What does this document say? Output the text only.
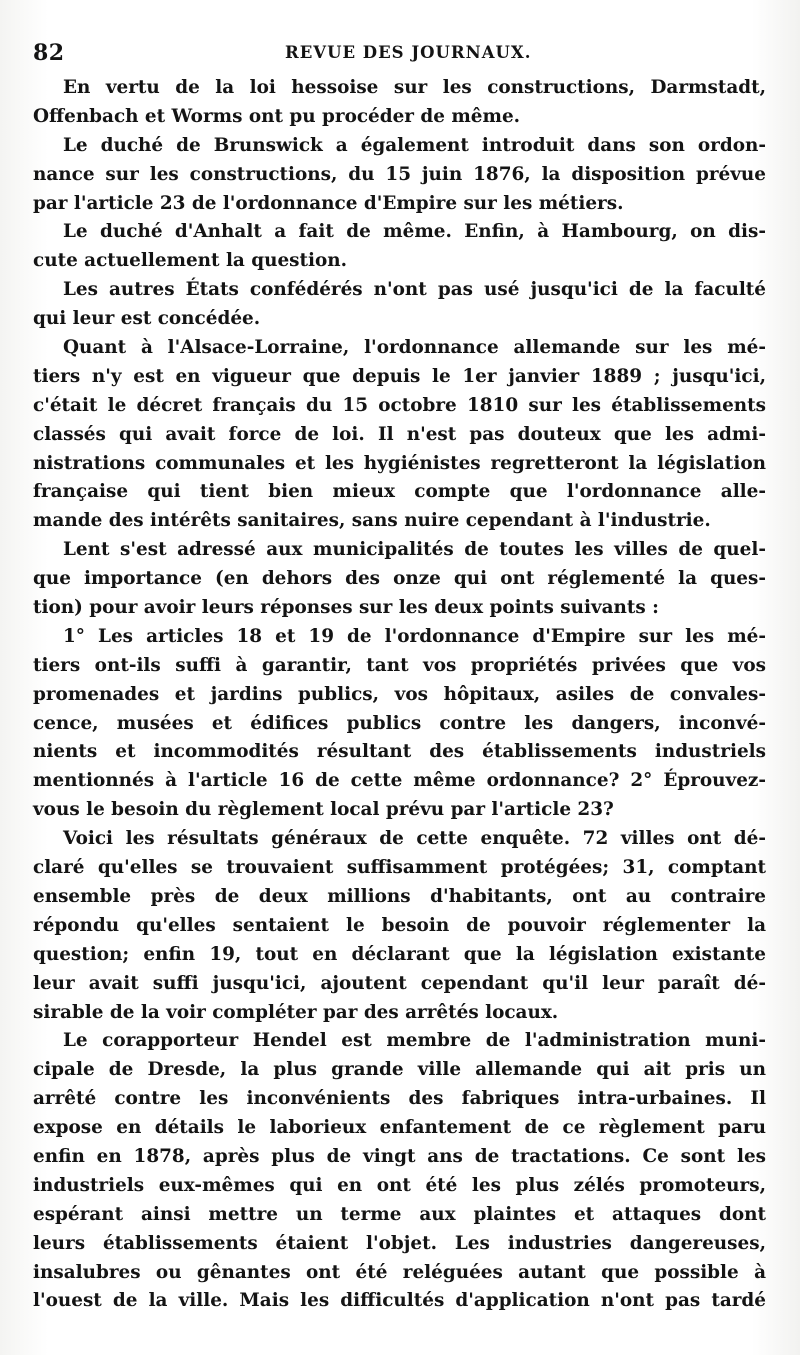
82	REVUE DES JOURNAUX.
En vertu de la loi hessoise sur les constructions, Darmstadt,
Offenbach et Worms ont pu procéder de même.
Le duché de Brunswick a également introduit dans son ordon-
nance sur les constructions, du 15 juin 1876, la disposition prévue
par l'article 23 de l'ordonnance d'Empire sur les métiers.
Le duché d'Anhalt a fait de même. Enfin, à Hambourg, on dis-
cute actuellement la question.
Les autres États confédérés n'ont pas usé jusqu'ici de la faculté
qui leur est concédée.
Quant à l'Alsace-Lorraine, l'ordonnance allemande sur les mé-
tiers n'y est en vigueur que depuis le 1er janvier 1889 ; jusqu'ici,
c'était le décret français du 15 octobre 1810 sur les établissements
classés qui avait force de loi. Il n'est pas douteux que les admi-
nistrations communales et les hygiénistes regretteront la législation
française qui tient bien mieux compte que l'ordonnance alle-
mande des intérêts sanitaires, sans nuire cependant à l'industrie.
Lent s'est adressé aux municipalités de toutes les villes de quel-
que importance (en dehors des onze qui ont réglementé la ques-
tion) pour avoir leurs réponses sur les deux points suivants :
1° Les articles 18 et 19 de l'ordonnance d'Empire sur les mé-
tiers ont-ils suffi à garantir, tant vos propriétés privées que vos
promenades et jardins publics, vos hôpitaux, asiles de convales-
cence, musées et édifices publics contre les dangers, inconvé-
nients et incommodités résultant des établissements industriels
mentionnés à l'article 16 de cette même ordonnance? 2° Éprouvez-
vous le besoin du règlement local prévu par l'article 23?
Voici les résultats généraux de cette enquête. 72 villes ont dé-
claré qu'elles se trouvaient suffisamment protégées; 31, comptant
ensemble près de deux millions d'habitants, ont au contraire
répondu qu'elles sentaient le besoin de pouvoir réglementer la
question; enfin 19, tout en déclarant que la législation existante
leur avait suffi jusqu'ici, ajoutent cependant qu'il leur paraît dé-
sirable de la voir compléter par des arrêtés locaux.
Le corapporteur Hendel est membre de l'administration muni-
cipale de Dresde, la plus grande ville allemande qui ait pris un
arrêté contre les inconvénients des fabriques intra-urbaines. Il
expose en détails le laborieux enfantement de ce règlement paru
enfin en 1878, après plus de vingt ans de tractations. Ce sont les
industriels eux-mêmes qui en ont été les plus zélés promoteurs,
espérant ainsi mettre un terme aux plaintes et attaques dont
leurs établissements étaient l'objet. Les industries dangereuses,
insalubres ou gênantes ont été reléguées autant que possible à
l'ouest de la ville. Mais les difficultés d'application n'ont pas tardé
